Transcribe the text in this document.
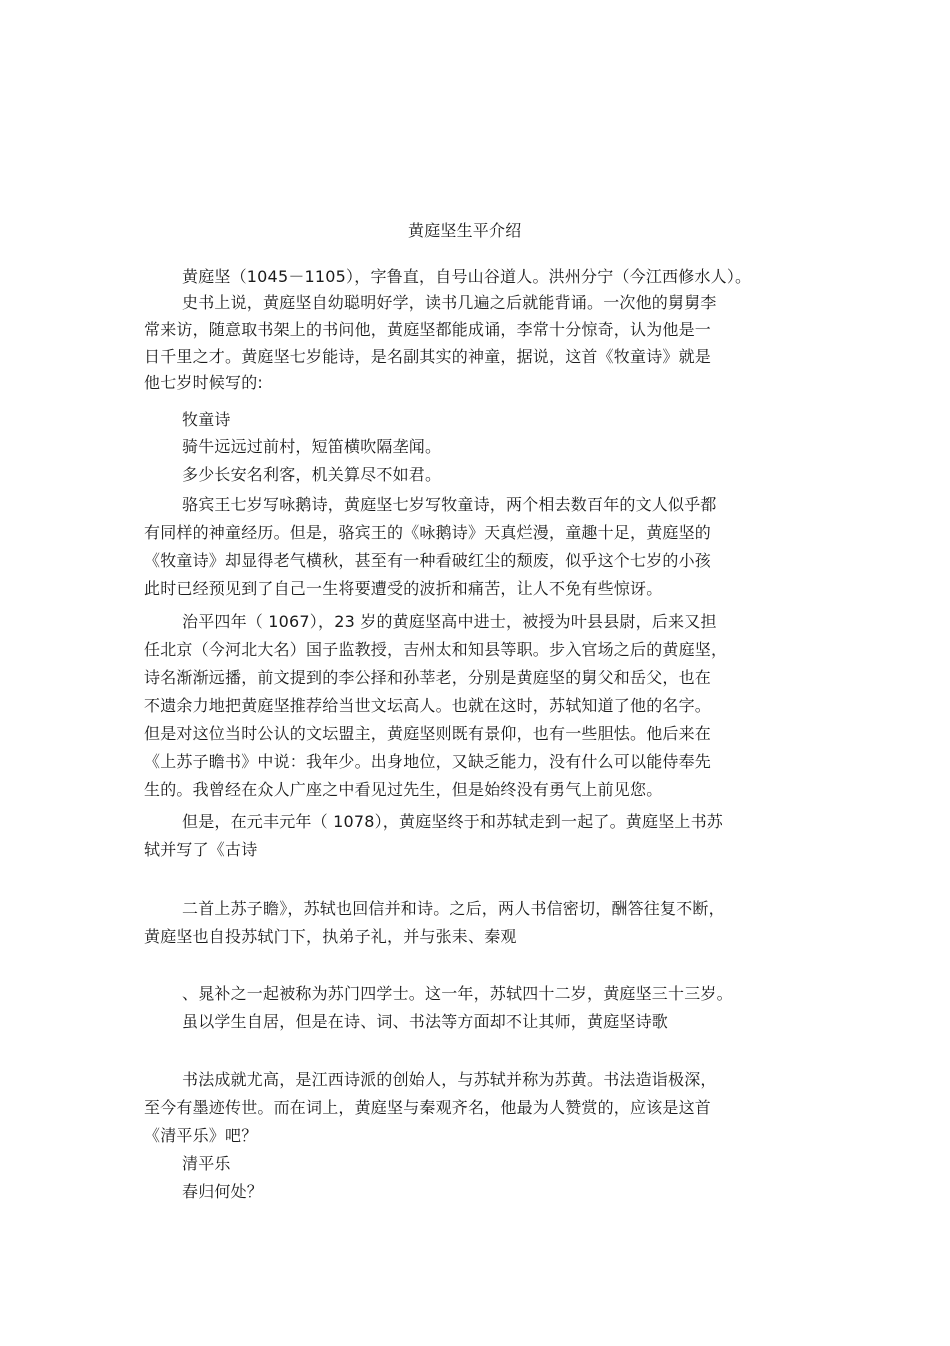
黄庭坚生平介绍

黄庭坚（1045－1105），字鲁直，自号山谷道人。洪州分宁（今江西修水人）。

史书上说，黄庭坚自幼聪明好学，读书几遍之后就能背诵。一次他的舅舅李

常来访，随意取书架上的书问他，黄庭坚都能成诵，李常十分惊奇，认为他是一

日千里之才。黄庭坚七岁能诗，是名副其实的神童，据说，这首《牧童诗》就是

他七岁时候写的:

牧童诗

骑牛远远过前村，短笛横吹隔垄闻。

多少长安名利客，机关算尽不如君。

骆宾王七岁写咏鹅诗，黄庭坚七岁写牧童诗，两个相去数百年的文人似乎都

有同样的神童经历。但是，骆宾王的《咏鹅诗》天真烂漫，童趣十足，黄庭坚的

《牧童诗》却显得老气横秋，甚至有一种看破红尘的颓废，似乎这个七岁的小孩

此时已经预见到了自己一生将要遭受的波折和痛苦，让人不免有些惊讶。

治平四年（ 1067），23 岁的黄庭坚高中进士，被授为叶县县尉，后来又担

任北京（今河北大名）国子监教授，吉州太和知县等职。步入官场之后的黄庭坚，

诗名渐渐远播，前文提到的李公择和孙莘老，分别是黄庭坚的舅父和岳父，也在

不遗余力地把黄庭坚推荐给当世文坛高人。也就在这时，苏轼知道了他的名字。

但是对这位当时公认的文坛盟主，黄庭坚则既有景仰，也有一些胆怯。他后来在

《上苏子瞻书》中说：我年少。出身地位，又缺乏能力，没有什么可以能侍奉先

生的。我曾经在众人广座之中看见过先生，但是始终没有勇气上前见您。

但是，在元丰元年（ 1078），黄庭坚终于和苏轼走到一起了。黄庭坚上书苏

轼并写了《古诗

二首上苏子瞻》，苏轼也回信并和诗。之后，两人书信密切，酬答往复不断，

黄庭坚也自投苏轼门下，执弟子礼，并与张耒、秦观

、晁补之一起被称为苏门四学士。这一年，苏轼四十二岁，黄庭坚三十三岁。

虽以学生自居，但是在诗、词、书法等方面却不让其师，黄庭坚诗歌

书法成就尤高，是江西诗派的创始人，与苏轼并称为苏黄。书法造诣极深，

至今有墨迹传世。而在词上，黄庭坚与秦观齐名，他最为人赞赏的，应该是这首

《清平乐》吧？

清平乐

春归何处？
